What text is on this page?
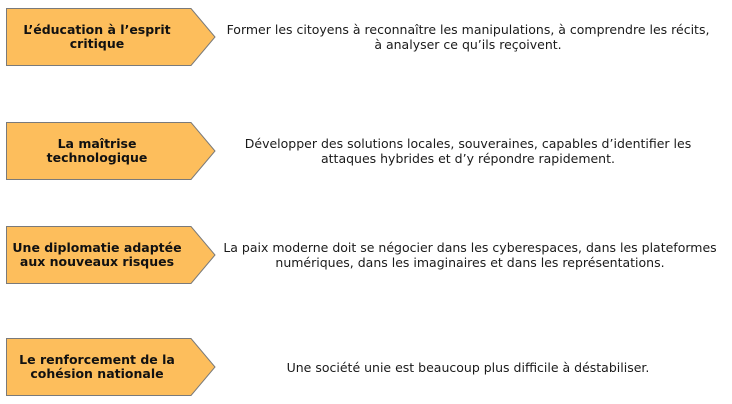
L’éducation à l’esprit
critique
Former les citoyens à reconnaître les manipulations, à comprendre les récits,
à analyser ce qu’ils reçoivent.
La maîtrise
technologique
Développer des solutions locales, souveraines, capables d’identifier les
attaques hybrides et d’y répondre rapidement.
Une diplomatie adaptée
aux nouveaux risques
La paix moderne doit se négocier dans les cyberespaces, dans les plateformes
numériques, dans les imaginaires et dans les représentations.
Le renforcement de la
cohésion nationale	Une société unie est beaucoup plus difficile à déstabiliser.
